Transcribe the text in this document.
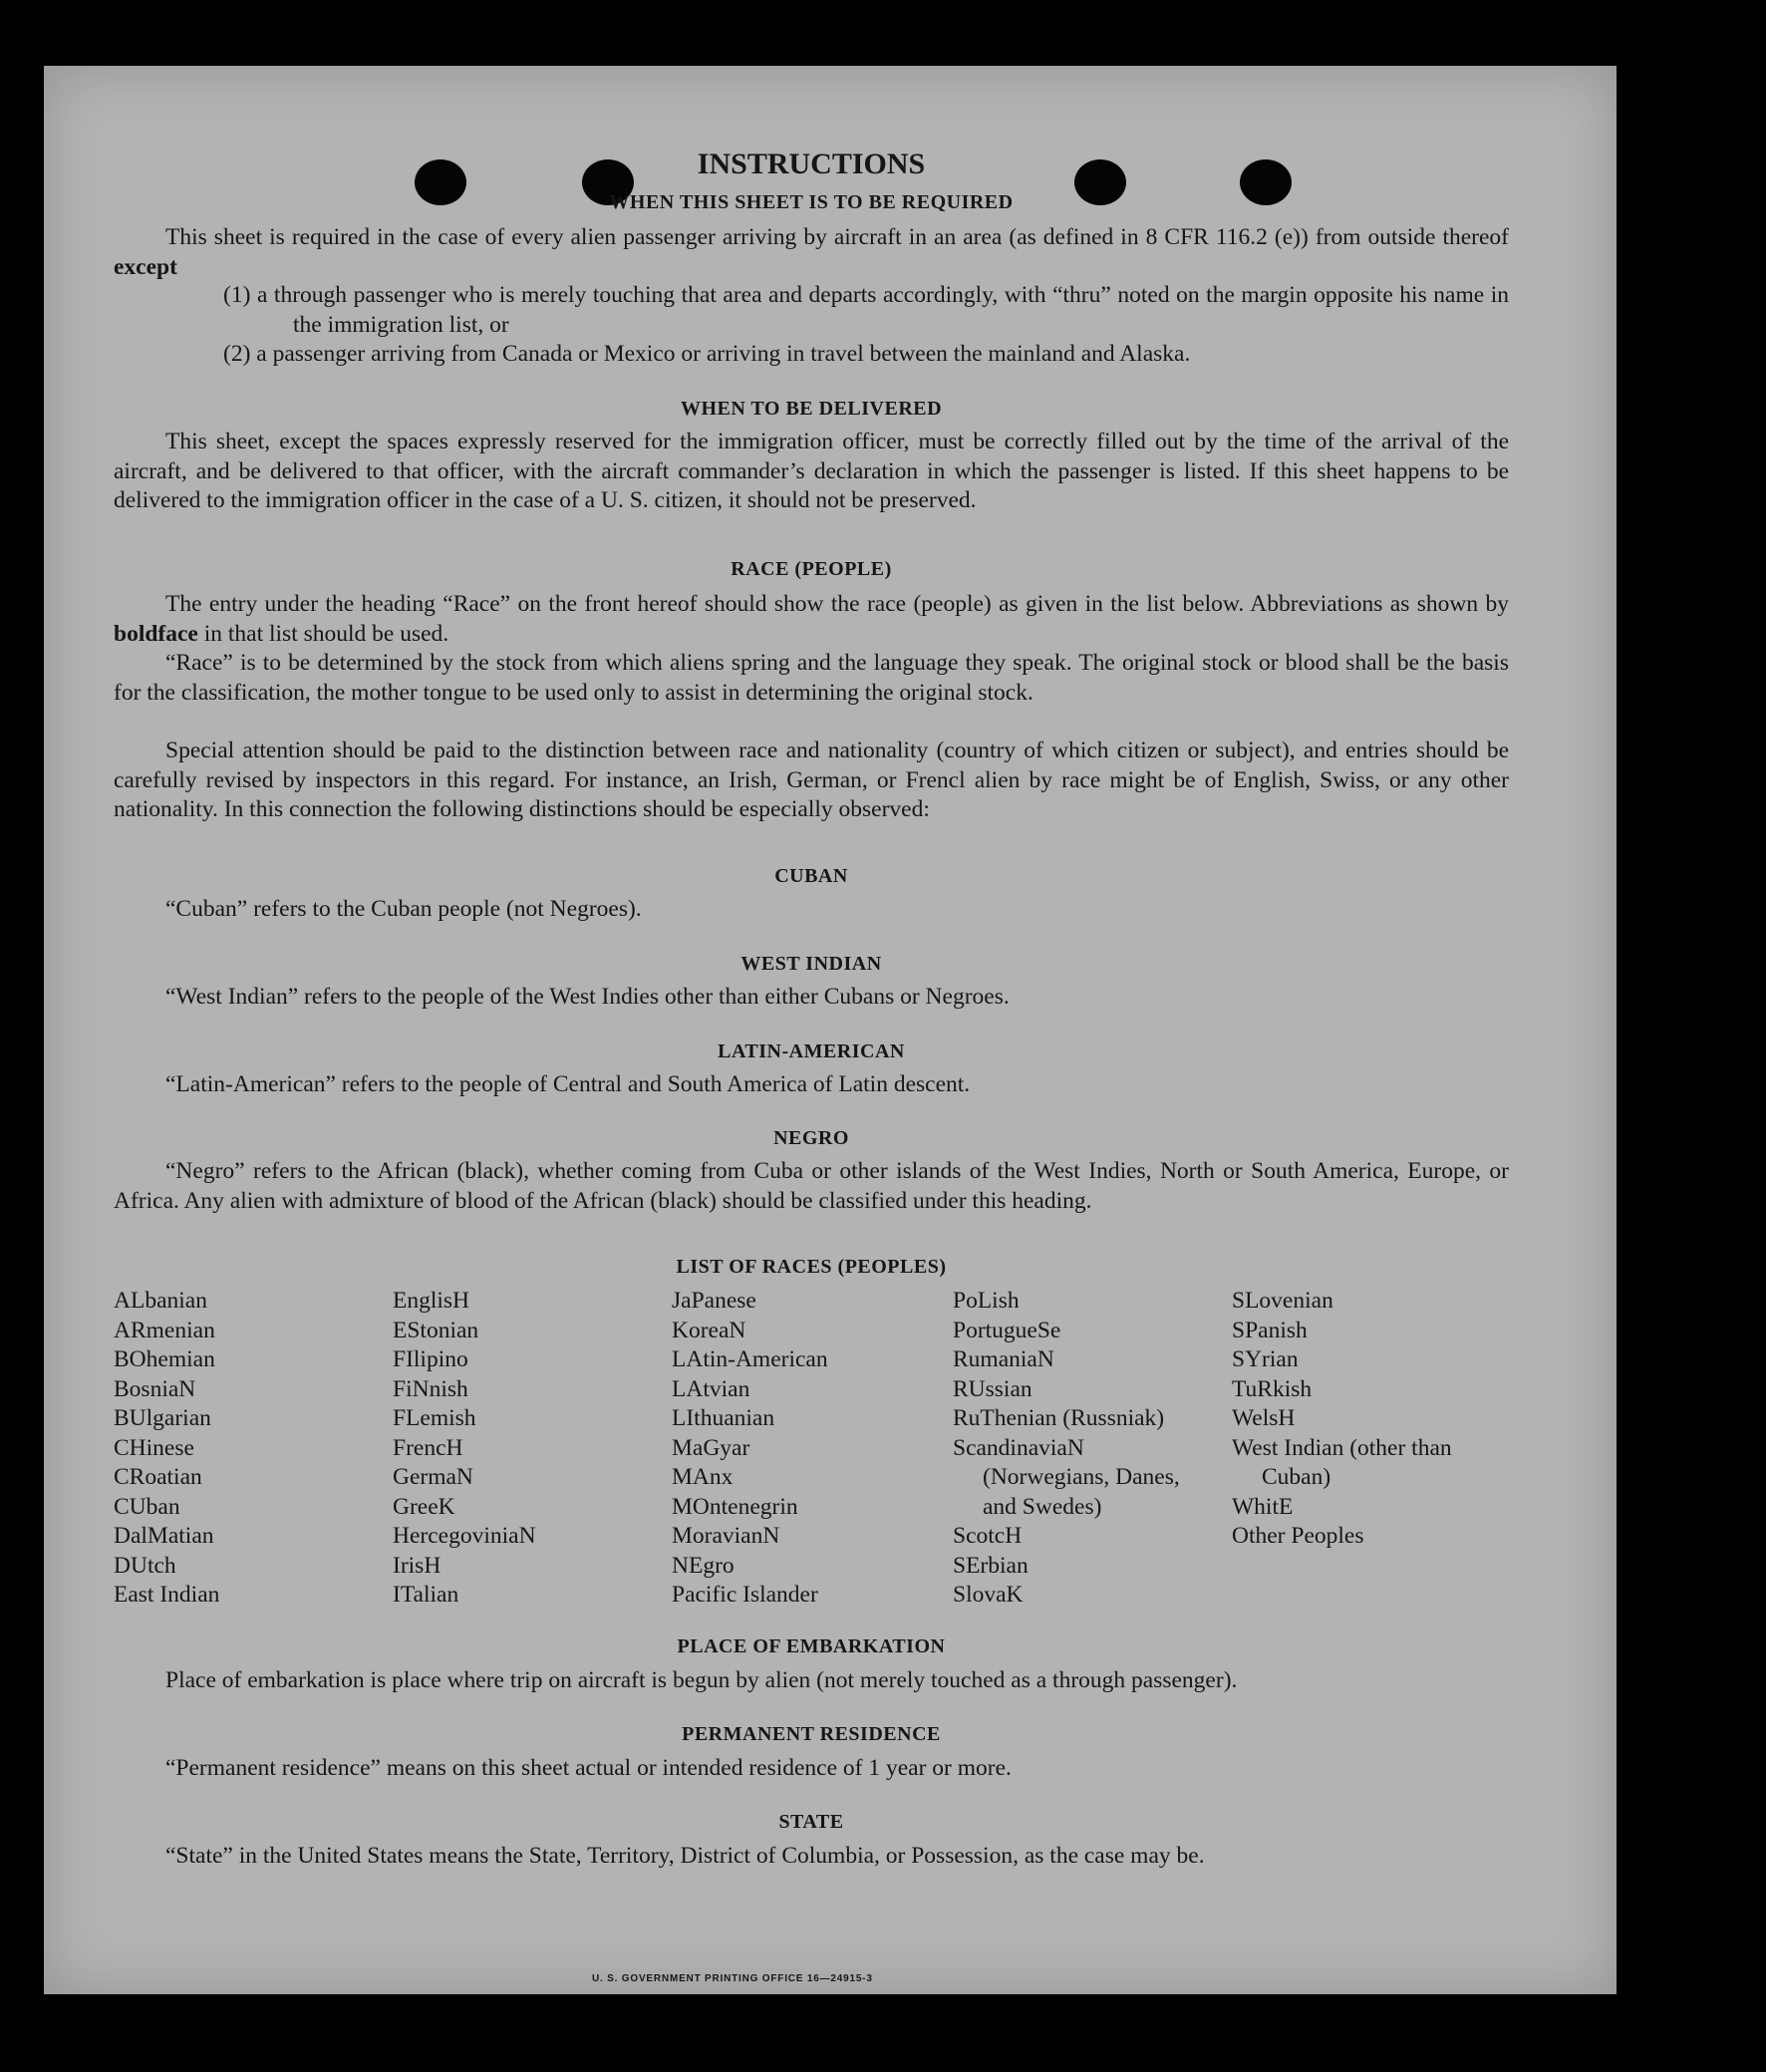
INSTRUCTIONS
WHEN THIS SHEET IS TO BE REQUIRED
This sheet is required in the case of every alien passenger arriving by aircraft in an area (as defined in 8 CFR 116.2 (e)) from outside thereof except
(1) a through passenger who is merely touching that area and departs accordingly, with “thru” noted on the margin opposite his name in the immigration list, or
(2) a passenger arriving from Canada or Mexico or arriving in travel between the mainland and Alaska.
WHEN TO BE DELIVERED
This sheet, except the spaces expressly reserved for the immigration officer, must be correctly filled out by the time of the arrival of the aircraft, and be delivered to that officer, with the aircraft commander’s declaration in which the passenger is listed. If this sheet happens to be delivered to the immigration officer in the case of a U. S. citizen, it should not be preserved.
RACE (PEOPLE)
The entry under the heading “Race” on the front hereof should show the race (people) as given in the list below. Abbreviations as shown by boldface in that list should be used.
“Race” is to be determined by the stock from which aliens spring and the language they speak. The original stock or blood shall be the basis for the classification, the mother tongue to be used only to assist in determining the original stock.
Special attention should be paid to the distinction between race and nationality (country of which citizen or subject), and entries should be carefully revised by inspectors in this regard. For instance, an Irish, German, or Frencl alien by race might be of English, Swiss, or any other nationality. In this connection the following distinctions should be especially observed:
CUBAN
“Cuban” refers to the Cuban people (not Negroes).
WEST INDIAN
“West Indian” refers to the people of the West Indies other than either Cubans or Negroes.
LATIN-AMERICAN
“Latin-American” refers to the people of Central and South America of Latin descent.
NEGRO
“Negro” refers to the African (black), whether coming from Cuba or other islands of the West Indies, North or South America, Europe, or Africa. Any alien with admixture of blood of the African (black) should be classified under this heading.
LIST OF RACES (PEOPLES)
ALbanian
ARmenian
BOhemian
BosniaN
BUlgarian
CHinese
CRoatian
CUban
DalMatian
DUtch
East Indian
EnglisH
EStonian
FIlipino
FiNnish
FLemish
FrencH
GermaN
GreeK
HercegoviniaN
IrisH
ITalian
JaPanese
KoreaN
LAtin-American
LAtvian
LIthuanian
MaGyar
MAnx
MOntenegrin
MoravianN
NEgro
Pacific Islander
PoLish
PortugueSe
RumaniaN
RUssian
RuThenian (Russniak)
ScandinaviaN (Norwegians, Danes, and Swedes)
ScotcH
SErbian
SlovaK
SLovenian
SPanish
SYrian
TuRkish
WelsH
West Indian (other than Cuban)
WhitE
Other Peoples
PLACE OF EMBARKATION
Place of embarkation is place where trip on aircraft is begun by alien (not merely touched as a through passenger).
PERMANENT RESIDENCE
“Permanent residence” means on this sheet actual or intended residence of 1 year or more.
STATE
“State” in the United States means the State, Territory, District of Columbia, or Possession, as the case may be.
U. S. GOVERNMENT PRINTING OFFICE 16—24915-3
